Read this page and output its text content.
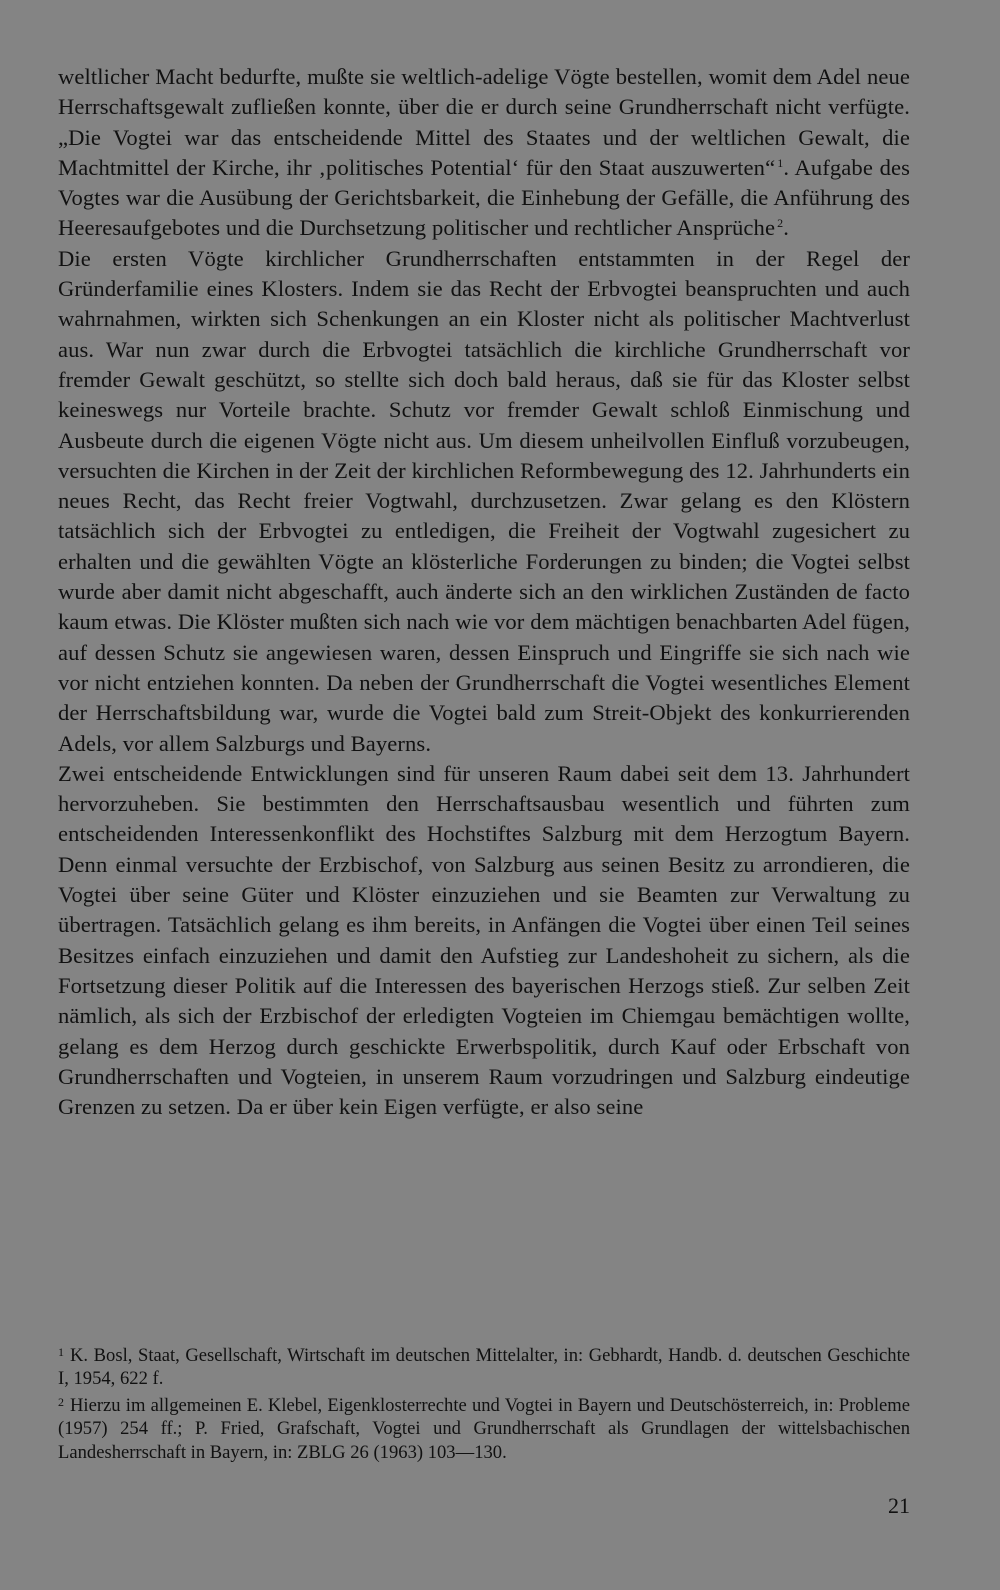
weltlicher Macht bedurfte, mußte sie weltlich-adelige Vögte bestellen, womit dem Adel neue Herrschaftsgewalt zufließen konnte, über die er durch seine Grundherrschaft nicht verfügte. „Die Vogtei war das entscheidende Mittel des Staates und der weltlichen Gewalt, die Machtmittel der Kirche, ihr ‚politisches Potential‘ für den Staat auszuwerten“ $^1$. Aufgabe des Vogtes war die Ausübung der Gerichtsbarkeit, die Einhebung der Gefälle, die Anführung des Heeresaufgebotes und die Durchsetzung politischer und rechtlicher Ansprüche $^2$.

Die ersten Vögte kirchlicher Grundherrschaften entstammten in der Regel der Gründerfamilie eines Klosters. Indem sie das Recht der Erbvogtei beanspruchten und auch wahrnahmen, wirkten sich Schenkungen an ein Kloster nicht als politischer Machtverlust aus. War nun zwar durch die Erbvogtei tatsächlich die kirchliche Grundherrschaft vor fremder Gewalt geschützt, so stellte sich doch bald heraus, daß sie für das Kloster selbst keineswegs nur Vorteile brachte. Schutz vor fremder Gewalt schloß Einmischung und Ausbeute durch die eigenen Vögte nicht aus. Um diesem unheilvollen Einfluß vorzubeugen, versuchten die Kirchen in der Zeit der kirchlichen Reformbewegung des 12. Jahrhunderts ein neues Recht, das Recht freier Vogtwahl, durchzusetzen. Zwar gelang es den Klöstern tatsächlich sich der Erbvogtei zu entledigen, die Freiheit der Vogtwahl zugesichert zu erhalten und die gewählten Vögte an klösterliche Forderungen zu binden; die Vogtei selbst wurde aber damit nicht abgeschafft, auch änderte sich an den wirklichen Zuständen de facto kaum etwas. Die Klöster mußten sich nach wie vor dem mächtigen benachbarten Adel fügen, auf dessen Schutz sie angewiesen waren, dessen Einspruch und Eingriffe sie sich nach wie vor nicht entziehen konnten. Da neben der Grundherrschaft die Vogtei wesentliches Element der Herrschaftsbildung war, wurde die Vogtei bald zum Streit-Objekt des konkurrierenden Adels, vor allem Salzburgs und Bayerns.

Zwei entscheidende Entwicklungen sind für unseren Raum dabei seit dem 13. Jahrhundert hervorzuheben. Sie bestimmten den Herrschaftsausbau wesentlich und führten zum entscheidenden Interessenkonflikt des Hochstiftes Salzburg mit dem Herzogtum Bayern. Denn einmal versuchte der Erzbischof, von Salzburg aus seinen Besitz zu arrondieren, die Vogtei über seine Güter und Klöster einzuziehen und sie Beamten zur Verwaltung zu übertragen. Tatsächlich gelang es ihm bereits, in Anfängen die Vogtei über einen Teil seines Besitzes einfach einzuziehen und damit den Aufstieg zur Landeshoheit zu sichern, als die Fortsetzung dieser Politik auf die Interessen des bayerischen Herzogs stieß. Zur selben Zeit nämlich, als sich der Erzbischof der erledigten Vogteien im Chiemgau bemächtigen wollte, gelang es dem Herzog durch geschickte Erwerbspolitik, durch Kauf oder Erbschaft von Grundherrschaften und Vogteien, in unserem Raum vorzudringen und Salzburg eindeutige Grenzen zu setzen. Da er über kein Eigen verfügte, er also seine

$^1$ K. Bosl, Staat, Gesellschaft, Wirtschaft im deutschen Mittelalter, in: Gebhardt, Handb. d. deutschen Geschichte I, 1954, 622 f.

$^2$ Hierzu im allgemeinen E. Klebel, Eigenklosterrechte und Vogtei in Bayern und Deutschösterreich, in: Probleme (1957) 254 ff.; P. Fried, Grafschaft, Vogtei und Grundherrschaft als Grundlagen der wittelsbachischen Landesherrschaft in Bayern, in: ZBLG 26 (1963) 103—130.

21
